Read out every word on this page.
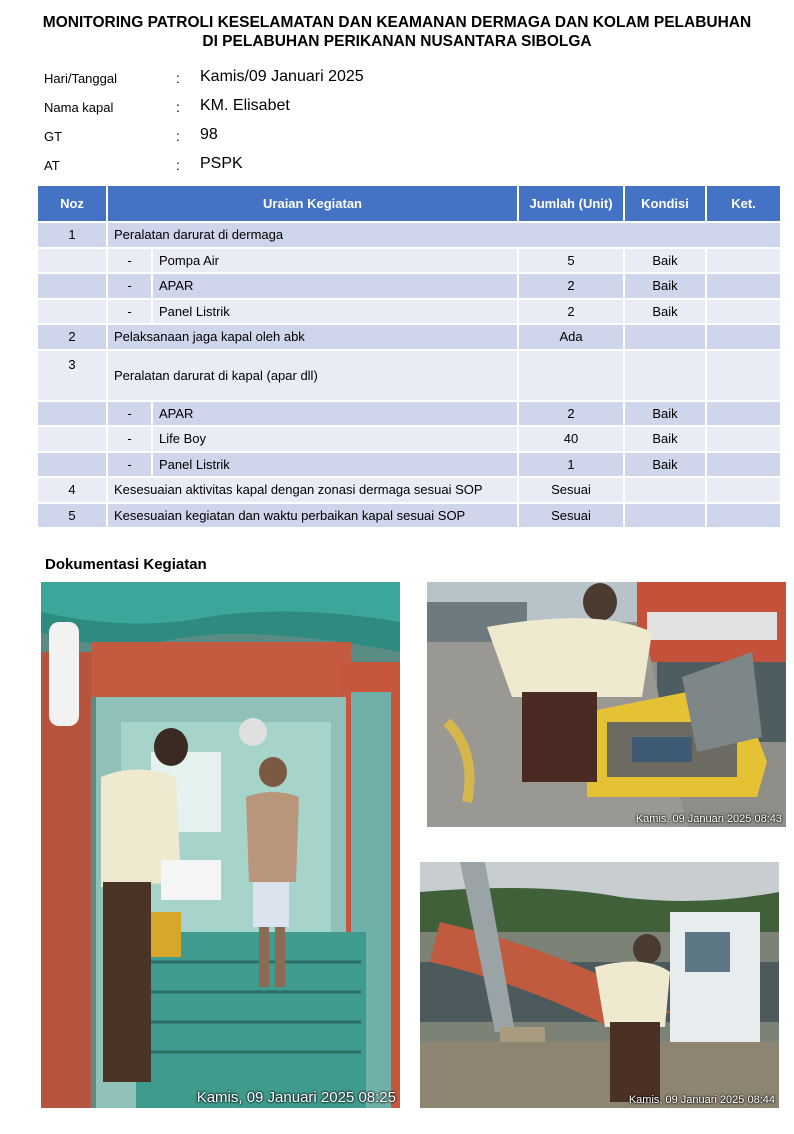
MONITORING PATROLI KESELAMATAN DAN KEAMANAN DERMAGA DAN KOLAM PELABUHAN
DI PELABUHAN PERIKANAN NUSANTARA SIBOLGA
Hari/Tanggal	: Kamis/09 Januari 2025
Nama kapal	: KM. Elisabet
GT	: 98
AT	: PSPK
Noz	Uraian Kegiatan		Jumlah (Unit)	Kondisi	Ket.
1	Peralatan darurat di dermaga				
	-	Pompa Air	5	Baik	
	-	APAR	2	Baik	
	-	Panel Listrik	2	Baik	
2	Pelaksanaan jaga kapal oleh abk		Ada		
3	Peralatan darurat di kapal (apar dll)				
	-	APAR	2	Baik	
	-	Life Boy	40	Baik	
	-	Panel Listrik	1	Baik	
4	Kesesuaian aktivitas kapal dengan zonasi dermaga sesuai SOP		Sesuai		
5	Kesesuaian kegiatan dan waktu perbaikan kapal sesuai SOP		Sesuai		
Dokumentasi Kegiatan
Kamis, 09 Januari 2025 08:25
Kamis, 09 Januari 2025 08:43
Kamis, 09 Januari 2025 08:44
